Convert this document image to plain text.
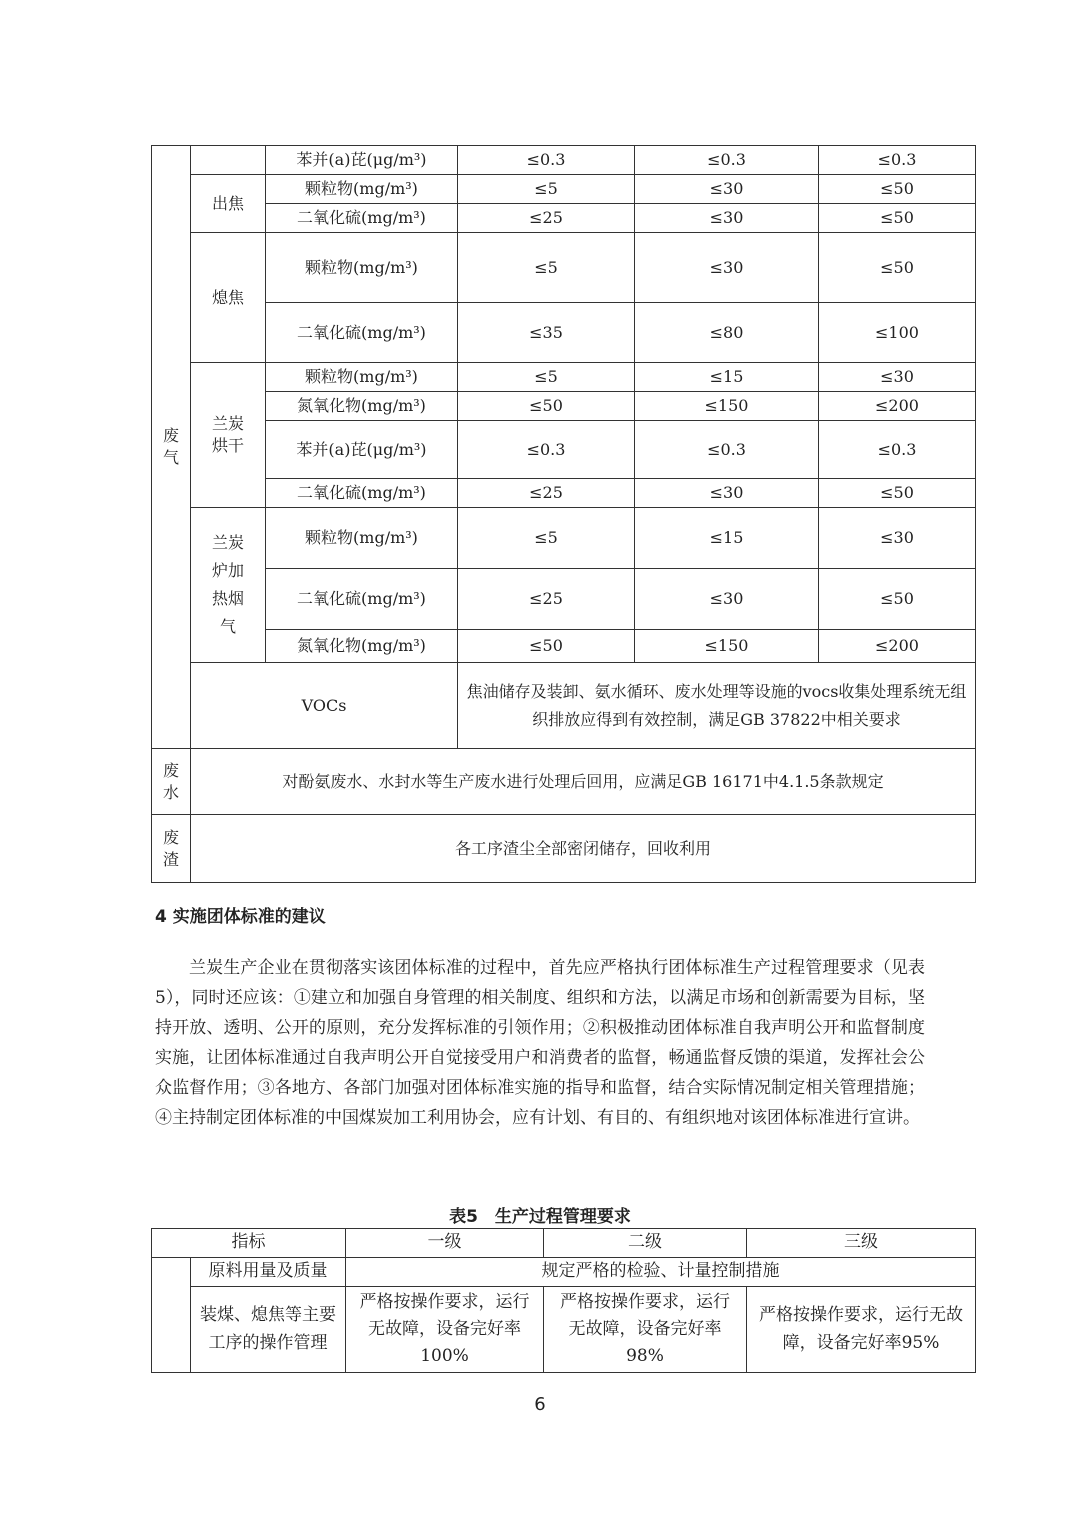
废气		苯并(a)芘(μg/m³)	≤0.3	≤0.3	≤0.3
	出焦	颗粒物(mg/m³)	≤5	≤30	≤50
		二氧化硫(mg/m³)	≤25	≤30	≤50
	熄焦	颗粒物(mg/m³)	≤5	≤30	≤50
		二氧化硫(mg/m³)	≤35	≤80	≤100
	兰炭烘干	颗粒物(mg/m³)	≤5	≤15	≤30
		氮氧化物(mg/m³)	≤50	≤150	≤200
		苯并(a)芘(μg/m³)	≤0.3	≤0.3	≤0.3
		二氧化硫(mg/m³)	≤25	≤30	≤50
	兰炭炉加热烟气	颗粒物(mg/m³)	≤5	≤15	≤30
		二氧化硫(mg/m³)	≤25	≤30	≤50
		氮氧化物(mg/m³)	≤50	≤150	≤200
	VOCs		焦油储存及装卸、氨水循环、废水处理等设施的vocs收集处理系统无组织排放应得到有效控制，满足GB 37822中相关要求		

废水	对酚氨废水、水封水等生产废水进行处理后回用，应满足GB 16171中4.1.5条款规定				
废渣	各工序渣尘全部密闭储存，回收利用				
4 实施团体标准的建议

兰炭生产企业在贯彻落实该团体标准的过程中，首先应严格执行团体标准生产过程管理要求（见表5），同时还应该：①建立和加强自身管理的相关制度、组织和方法，以满足市场和创新需要为目标，坚持开放、透明、公开的原则，充分发挥标准的引领作用；②积极推动团体标准自我声明公开和监督制度实施，让团体标准通过自我声明公开自觉接受用户和消费者的监督，畅通监督反馈的渠道，发挥社会公众监督作用；③各地方、各部门加强对团体标准实施的指导和监督，结合实际情况制定相关管理措施；④主持制定团体标准的中国煤炭加工利用协会，应有计划、有目的、有组织地对该团体标准进行宣讲。

表5　生产过程管理要求
指标		一级	二级	三级
	原料用量及质量	规定严格的检验、计量控制措施		
	装煤、熄焦等主要工序的操作管理	严格按操作要求，运行无故障，设备完好率100%	严格按操作要求，运行无故障，设备完好率98%	严格按操作要求，运行无故障，设备完好率95%
6
